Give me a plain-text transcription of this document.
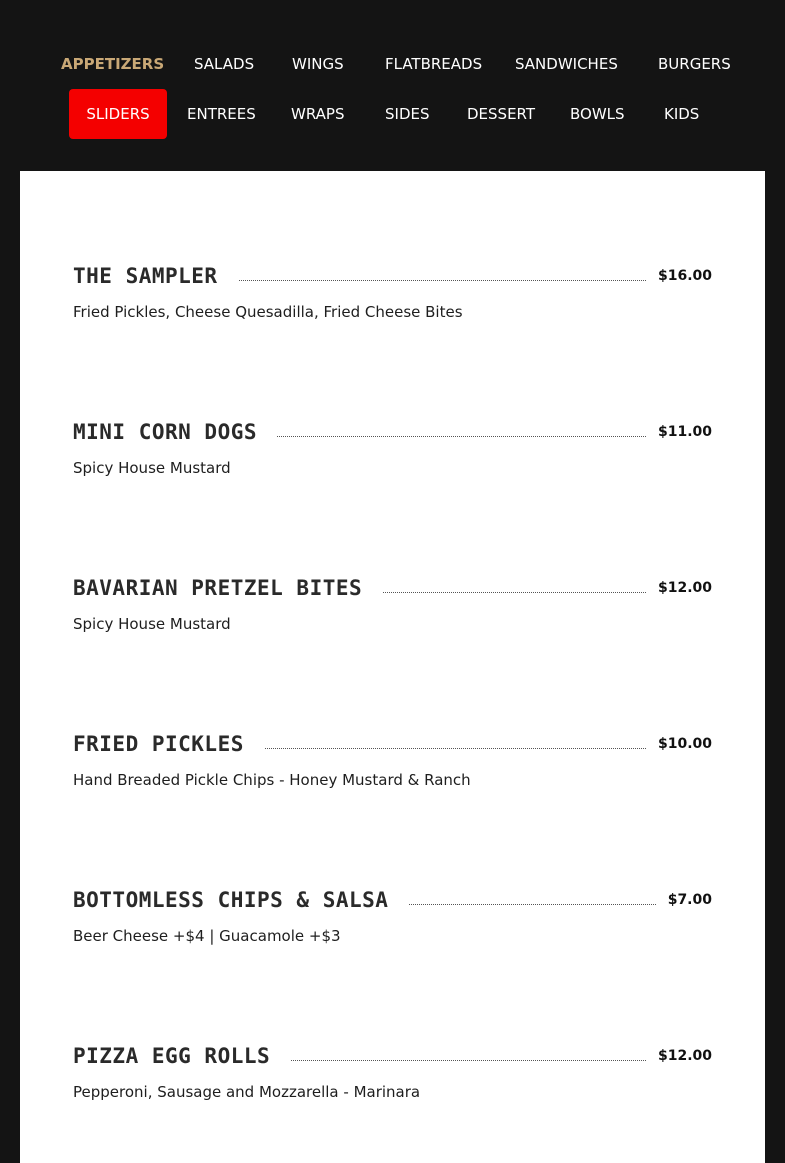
APPETIZERS SALADS	WINGS	FLATBREADS SANDWICHES	BURGERS
SLIDERS	ENTREES WRAPS	SIDES	DESSERT BOWLS	KIDS
THE SAMPLER	$16.00
Fried Pickles, Cheese Quesadilla, Fried Cheese Bites
MINI CORN DOGS	$11.00
Spicy House Mustard
BAVARIAN PRETZEL BITES	$12.00
Spicy House Mustard
FRIED PICKLES	$10.00
Hand Breaded Pickle Chips - Honey Mustard & Ranch
BOTTOMLESS CHIPS & SALSA	$7.00
Beer Cheese +$4 | Guacamole +$3
PIZZA EGG ROLLS	$12.00
Pepperoni, Sausage and Mozzarella - Marinara
